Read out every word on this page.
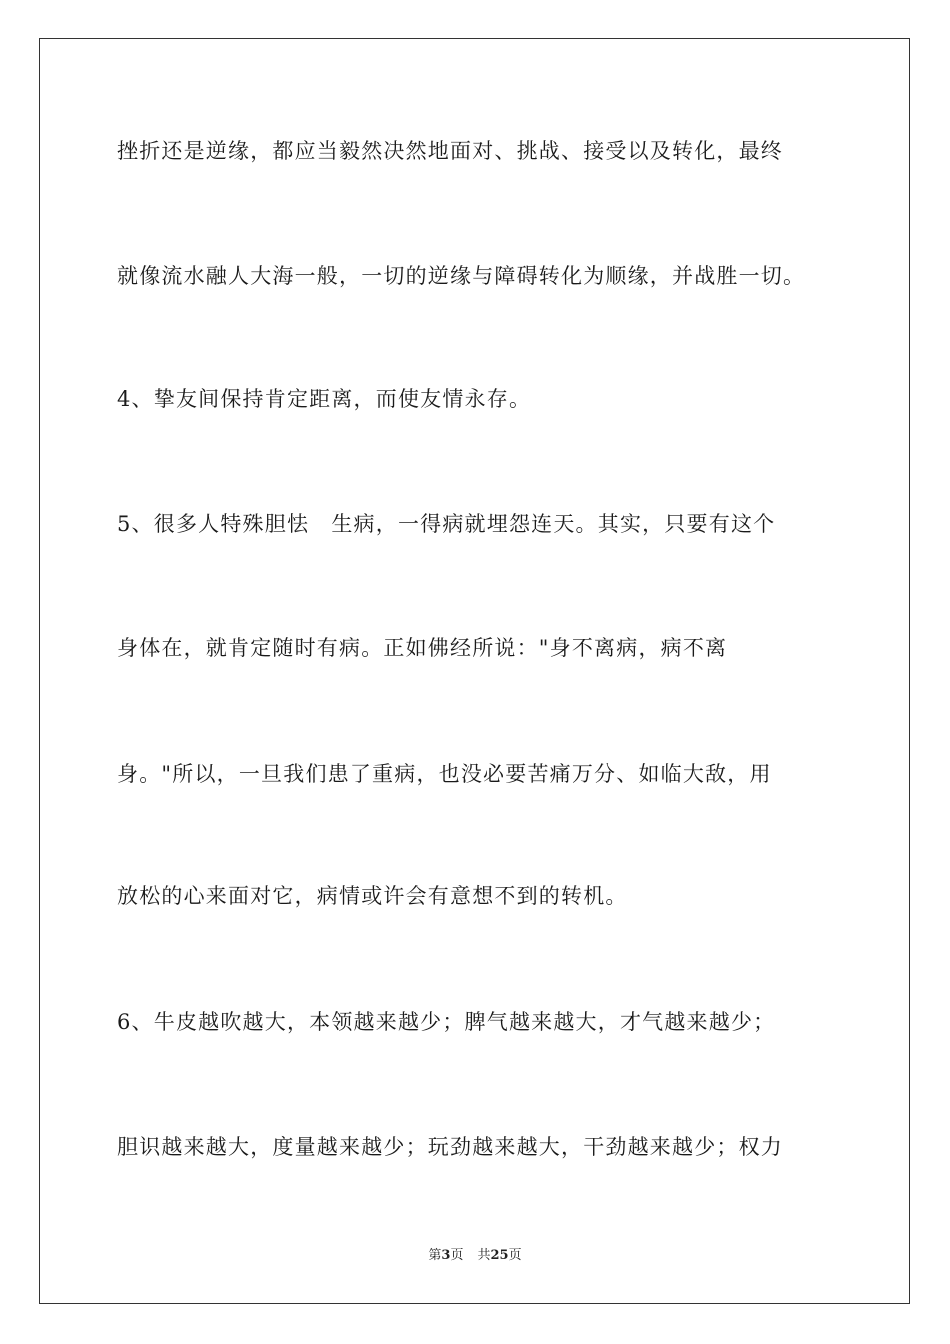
挫折还是逆缘，都应当毅然决然地面对、挑战、接受以及转化，最终
就像流水融人大海一般，一切的逆缘与障碍转化为顺缘，并战胜一切。
4、挚友间保持肯定距离，而使友情永存。
5、很多人特殊胆怯　生病，一得病就埋怨连天。其实，只要有这个
身体在，就肯定随时有病。正如佛经所说："身不离病，病不离
身。"所以，一旦我们患了重病，也没必要苦痛万分、如临大敌，用
放松的心来面对它，病情或许会有意想不到的转机。
6、牛皮越吹越大，本领越来越少；脾气越来越大，才气越来越少；
胆识越来越大，度量越来越少；玩劲越来越大，干劲越来越少；权力
第3页 共25页
